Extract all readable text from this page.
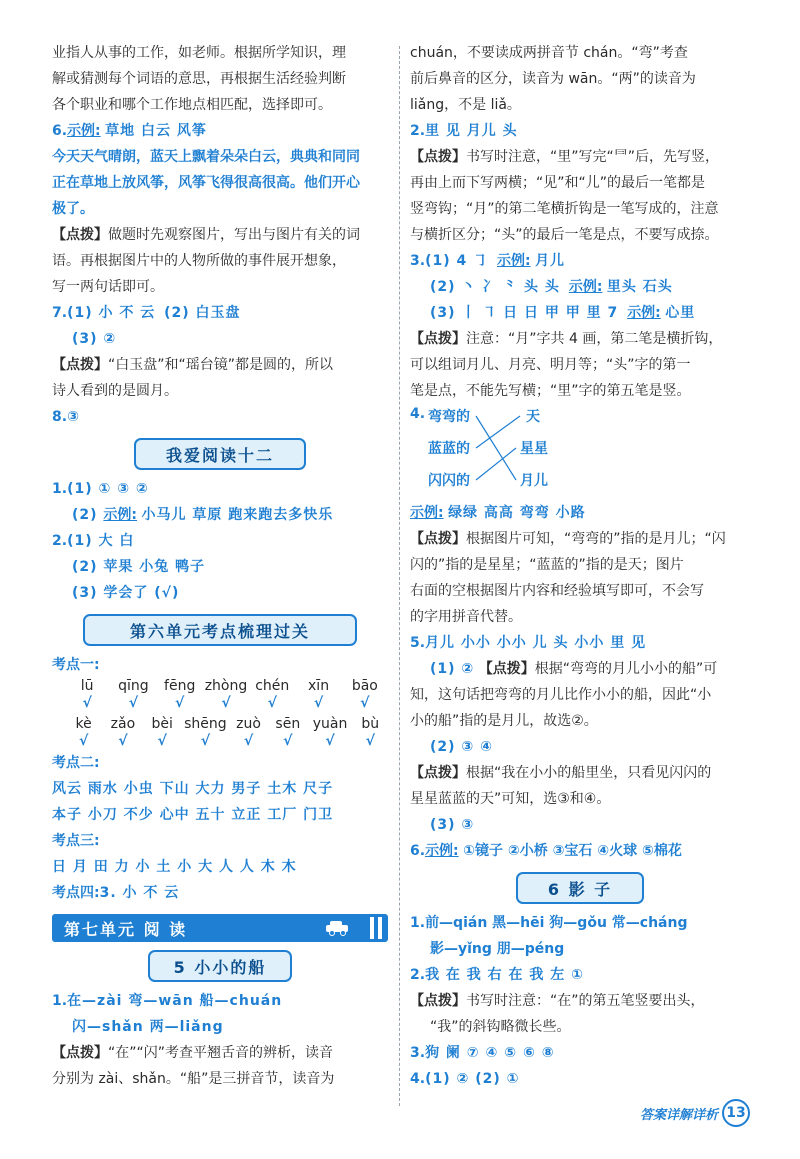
业指人从事的工作，如老师。根据所学知识，理

解或猜测每个词语的意思，再根据生活经验判断

各个职业和哪个工作地点相匹配，选择即可。

6.示例: 草地 白云 风筝

今天天气晴朗，蓝天上飘着朵朵白云，典典和同同

正在草地上放风筝，风筝飞得很高很高。他们开心

极了。

【点拨】做题时先观察图片，写出与图片有关的词

语。再根据图片中的人物所做的事件展开想象，

写一两句话即可。

7.(1) 小 不 云 (2) 白玉盘

(3) ②

【点拨】“白玉盘”和“瑶台镜”都是圆的，所以

诗人看到的是圆月。

8.③

我爱阅读十二

1.(1) ① ③ ②

(2) 示例: 小马儿 草原 跑来跑去多快乐

2.(1) 大 白

(2) 苹果 小兔 鸭子

(3) 学会了 (√)

第六单元考点梳理过关

考点一:

lū	qīng	fēng zhòng chén	xīn	bāo
√	√	√	√	√	√	√
kè	zǎo	bèi shēng zuò	sēn yuàn	bù
√	√	√	√	√	√	√	√

考点二:

风云 雨水 小虫 下山 大力 男子 土木 尺子

本子 小刀 不少 心中 五十 立正 工厂 门卫

考点三:

日 月 田 力 小 土 小 大 人 人 木 木

考点四:3. 小 不 云

第七单元 阅 读
5 小小的船

1.在—zài 弯—wān 船—chuán

闪—shǎn 两—liǎng

【点拨】“在”“闪”考查平翘舌音的辨析，读音

分别为 zài、shǎn。“船”是三拼音节，读音为

chuán，不要读成两拼音节 chán。“弯”考查

前后鼻音的区分，读音为 wān。“两”的读音为

liǎng，不是 liǎ。

2.里 见 月儿 头

【点拨】书写时注意，“里”写完“⺜”后，先写竖，

再由上而下写两横；“见”和“儿”的最后一笔都是

竖弯钩；“月”的第二笔横折钩是一笔写成的，注意

与横折区分；“头”的最后一笔是点，不要写成捺。

3.(1) 4 ㇆ 示例: 月儿

(2) 丶 冫 ⺀ 头 头 示例: 里头 石头

(3) 丨 ㇕ 日 日 甲 甲 里 7 示例: 心里

【点拨】注意：“月”字共 4 画，第二笔是横折钩，

可以组词月儿、月亮、明月等；“头”字的第一

笔是点，不能先写横；“里”字的第五笔是竖。

4. 弯弯的
蓝蓝的
闪闪的
天
星星
月儿

示例: 绿绿 高高 弯弯 小路

【点拨】根据图片可知，“弯弯的”指的是月儿；“闪

闪的”指的是星星；“蓝蓝的”指的是天；图片

右面的空根据图片内容和经验填写即可，不会写

的字用拼音代替。

5.月儿 小小 小小 儿 头 小小 里 见

(1) ② 【点拨】根据“弯弯的月儿小小的船”可

知，这句话把弯弯的月儿比作小小的船，因此“小

小的船”指的是月儿，故选②。

(2) ③ ④

【点拨】根据“我在小小的船里坐，只看见闪闪的

星星蓝蓝的天”可知，选③和④。

(3) ③

6.示例: ①镜子 ②小桥 ③宝石 ④火球 ⑤棉花

6 影 子

1.前—qián 黑—hēi 狗—gǒu 常—cháng

影—yǐng 朋—péng

2.我 在 我 右 在 我 左 ①

【点拨】书写时注意：“在”的第五笔竖要出头，

“我”的斜钩略微长些。

3.狗 阑 ⑦ ④ ⑤ ⑥ ⑧

4.(1) ② (2) ①

答案详解详析 13
